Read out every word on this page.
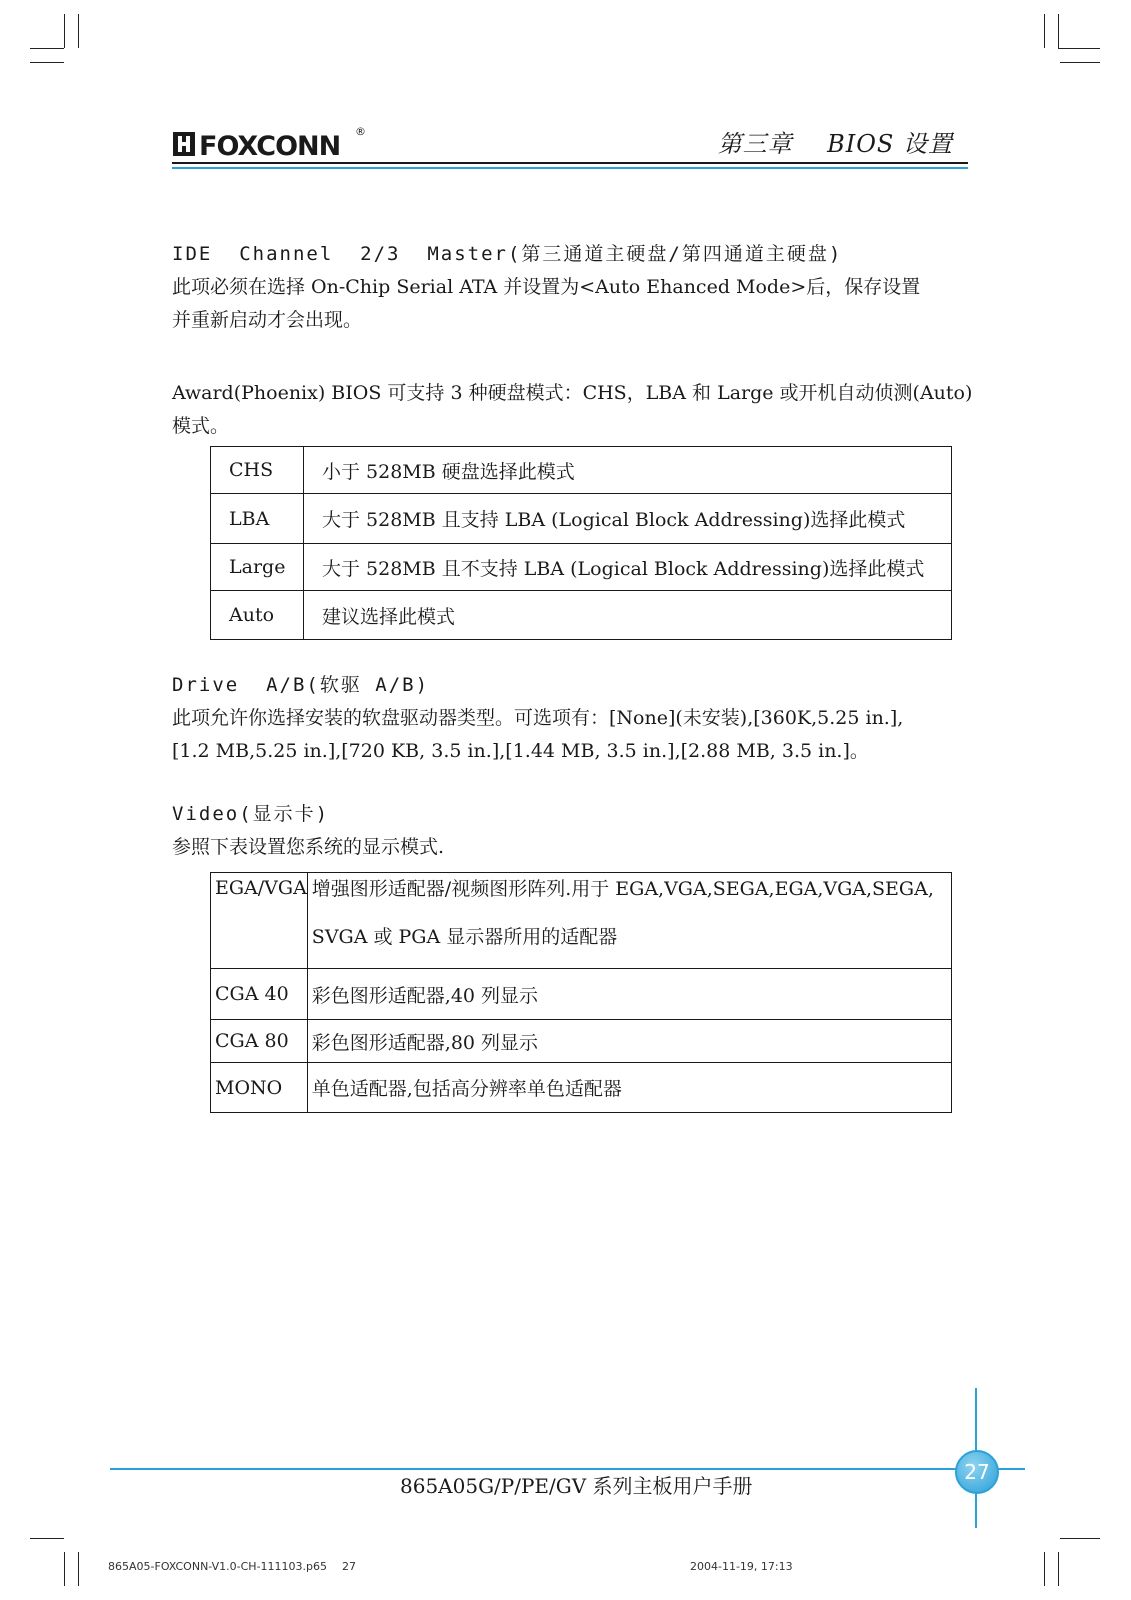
FOXCONN ®	第三章    BIOS 设置
IDE  Channel  2/3  Master(第三通道主硬盘/第四通道主硬盘)
此项必须在选择 On-Chip Serial ATA 并设置为<Auto Ehanced Mode>后，保存设置
并重新启动才会出现。
Award(Phoenix) BIOS 可支持 3 种硬盘模式：CHS，LBA 和 Large 或开机自动侦测(Auto)
模式。
CHS	小于 528MB 硬盘选择此模式
LBA	大于 528MB 且支持 LBA (Logical Block Addressing)选择此模式
Large	大于 528MB 且不支持 LBA (Logical Block Addressing)选择此模式
Auto	建议选择此模式
Drive  A/B(软驱 A/B)
此项允许你选择安装的软盘驱动器类型。可选项有：[None](未安装),[360K,5.25 in.],
[1.2 MB,5.25 in.],[720 KB, 3.5 in.],[1.44 MB, 3.5 in.],[2.88 MB, 3.5 in.]。
Video(显示卡)
参照下表设置您系统的显示模式.
EGA/VGA	增强图形适配器/视频图形阵列.用于 EGA,VGA,SEGA,EGA,VGA,SEGA,
SVGA 或 PGA 显示器所用的适配器

CGA 40	彩色图形适配器,40 列显示
CGA 80	彩色图形适配器,80 列显示
MONO	单色适配器,包括高分辨率单色适配器
27
865A05G/P/PE/GV 系列主板用户手册
865A05-FOXCONN-V1.0-CH-111103.p65 27	2004-11-19, 17:13
